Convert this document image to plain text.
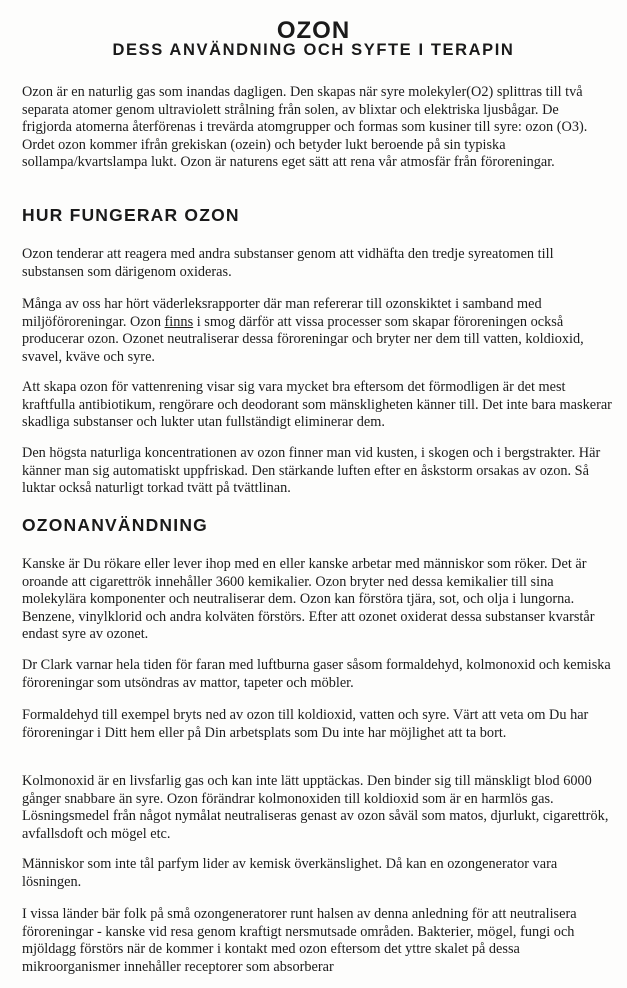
OZON
DESS ANVÄNDNING OCH SYFTE I TERAPIN

Ozon är en naturlig gas som inandas dagligen. Den skapas när syre molekyler(O2) splittras till två separata atomer genom ultraviolett strålning från solen, av blixtar och elektriska ljusbågar. De frigjorda atomerna återförenas i trevärda atomgrupper och formas som kusiner till syre: ozon (O3). Ordet ozon kommer ifrån grekiskan (ozein) och betyder lukt beroende på sin typiska sollampa/kvartslampa lukt. Ozon är naturens eget sätt att rena vår atmosfär från föroreningar.

HUR FUNGERAR OZON

Ozon tenderar att reagera med andra substanser genom att vidhäfta den tredje syreatomen till substansen som därigenom oxideras.

Många av oss har hört väderleksrapporter där man refererar till ozonskiktet i samband med miljöföroreningar. Ozon finns i smog därför att vissa processer som skapar föroreningen också producerar ozon. Ozonet neutraliserar dessa föroreningar och bryter ner dem till vatten, koldioxid, svavel, kväve och syre.

Att skapa ozon för vattenrening visar sig vara mycket bra eftersom det förmodligen är det mest kraftfulla antibiotikum, rengörare och deodorant som mänskligheten känner till. Det inte bara maskerar skadliga substanser och lukter utan fullständigt eliminerar dem.

Den högsta naturliga koncentrationen av ozon finner man vid kusten, i skogen och i bergstrakter. Här känner man sig automatiskt uppfriskad. Den stärkande luften efter en åskstorm orsakas av ozon. Så luktar också naturligt torkad tvätt på tvättlinan.

OZONANVÄNDNING

Kanske är Du rökare eller lever ihop med en eller kanske arbetar med människor som röker. Det är oroande att cigarettrök innehåller 3600 kemikalier. Ozon bryter ned dessa kemikalier till sina molekylära komponenter och neutraliserar dem. Ozon kan förstöra tjära, sot, och olja i lungorna. Benzene, vinylklorid och andra kolväten förstörs. Efter att ozonet oxiderat dessa substanser kvarstår endast syre av ozonet.

Dr Clark varnar hela tiden för faran med luftburna gaser såsom formaldehyd, kolmonoxid och kemiska föroreningar som utsöndras av mattor, tapeter och möbler.

Formaldehyd till exempel bryts ned av ozon till koldioxid, vatten och syre. Värt att veta om Du har föroreningar i Ditt hem eller på Din arbetsplats som Du inte har möjlighet att ta bort.

Kolmonoxid är en livsfarlig gas och kan inte lätt upptäckas. Den binder sig till mänskligt blod 6000 gånger snabbare än syre. Ozon förändrar kolmonoxiden till koldioxid som är en harmlös gas. Lösningsmedel från något nymålat neutraliseras genast av ozon såväl som matos, djurlukt, cigarettrök, avfallsdoft och mögel etc.

Människor som inte tål parfym lider av kemisk överkänslighet. Då kan en ozongenerator vara lösningen.

I vissa länder bär folk på små ozongeneratorer runt halsen av denna anledning för att neutralisera föroreningar - kanske vid resa genom kraftigt nersmutsade områden. Bakterier, mögel, fungi och mjöldagg förstörs när de kommer i kontakt med ozon eftersom det yttre skalet på dessa mikroorganismer innehåller receptorer som absorberar
